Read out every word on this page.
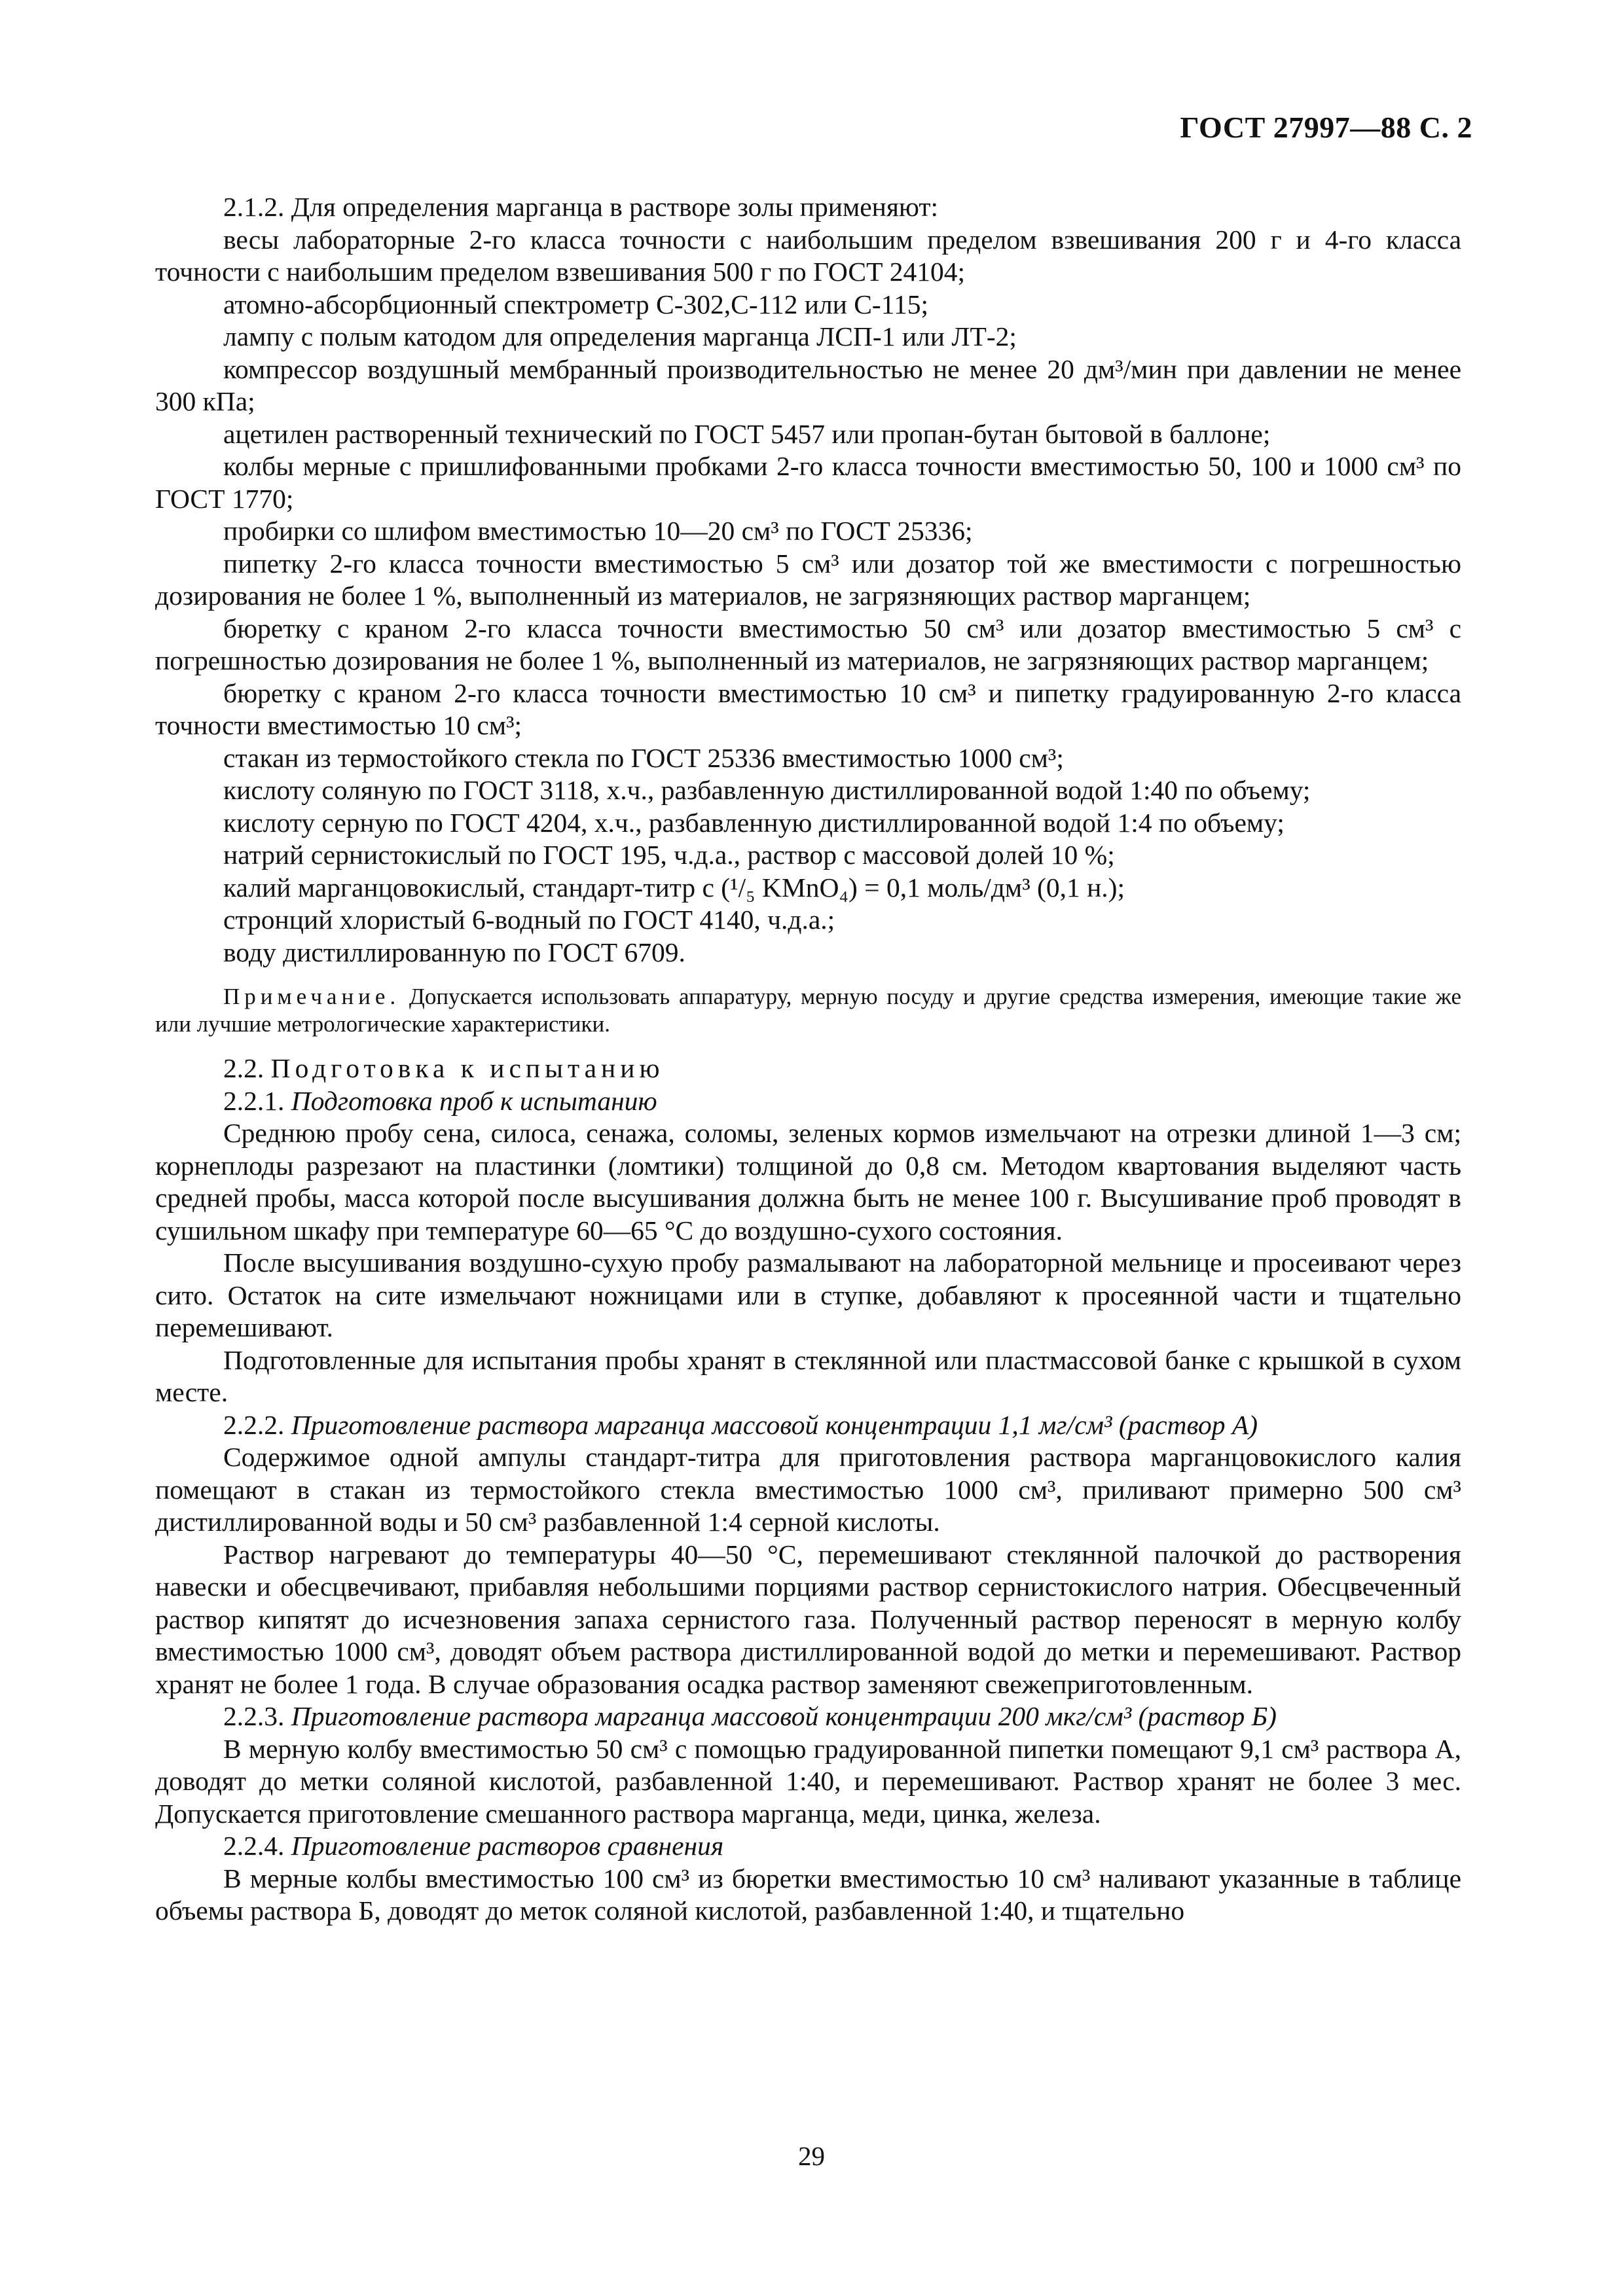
ГОСТ 27997—88 С. 2

2.1.2. Для определения марганца в растворе золы применяют:

весы лабораторные 2-го класса точности с наибольшим пределом взвешивания 200 г и 4-го класса точности с наибольшим пределом взвешивания 500 г по ГОСТ 24104;

атомно-абсорбционный спектрометр С-302,С-112 или С-115;

лампу с полым катодом для определения марганца ЛСП-1 или ЛТ-2;

компрессор воздушный мембранный производительностью не менее 20 дм³/мин при давлении не менее 300 кПа;

ацетилен растворенный технический по ГОСТ 5457 или пропан-бутан бытовой в баллоне;

колбы мерные с пришлифованными пробками 2-го класса точности вместимостью 50, 100 и 1000 см³ по ГОСТ 1770;

пробирки со шлифом вместимостью 10—20 см³ по ГОСТ 25336;

пипетку 2-го класса точности вместимостью 5 см³ или дозатор той же вместимости с погрешностью дозирования не более 1 %, выполненный из материалов, не загрязняющих раствор марганцем;

бюретку с краном 2-го класса точности вместимостью 50 см³ или дозатор вместимостью 5 см³ с погрешностью дозирования не более 1 %, выполненный из материалов, не загрязняющих раствор марганцем;

бюретку с краном 2-го класса точности вместимостью 10 см³ и пипетку градуированную 2-го класса точности вместимостью 10 см³;

стакан из термостойкого стекла по ГОСТ 25336 вместимостью 1000 см³;

кислоту соляную по ГОСТ 3118, х.ч., разбавленную дистиллированной водой 1:40 по объему;

кислоту серную по ГОСТ 4204, х.ч., разбавленную дистиллированной водой 1:4 по объему;

натрий сернистокислый по ГОСТ 195, ч.д.а., раствор с массовой долей 10 %;

калий марганцовокислый, стандарт-титр c (¹/₅ KMnO₄) = 0,1 моль/дм³ (0,1 н.);

стронций хлористый 6-водный по ГОСТ 4140, ч.д.а.;

воду дистиллированную по ГОСТ 6709.

Примечание. Допускается использовать аппаратуру, мерную посуду и другие средства измерения, имеющие такие же или лучшие метрологические характеристики.

2.2. Подготовка к испытанию

2.2.1. Подготовка проб к испытанию

Среднюю пробу сена, силоса, сенажа, соломы, зеленых кормов измельчают на отрезки длиной 1—3 см; корнеплоды разрезают на пластинки (ломтики) толщиной до 0,8 см. Методом квартования выделяют часть средней пробы, масса которой после высушивания должна быть не менее 100 г. Высушивание проб проводят в сушильном шкафу при температуре 60—65 °С до воздушно-сухого состояния.

После высушивания воздушно-сухую пробу размалывают на лабораторной мельнице и просеивают через сито. Остаток на сите измельчают ножницами или в ступке, добавляют к просеянной части и тщательно перемешивают.

Подготовленные для испытания пробы хранят в стеклянной или пластмассовой банке с крышкой в сухом месте.

2.2.2. Приготовление раствора марганца массовой концентрации 1,1 мг/см³ (раствор А)

Содержимое одной ампулы стандарт-титра для приготовления раствора марганцовокислого калия помещают в стакан из термостойкого стекла вместимостью 1000 см³, приливают примерно 500 см³ дистиллированной воды и 50 см³ разбавленной 1:4 серной кислоты.

Раствор нагревают до температуры 40—50 °С, перемешивают стеклянной палочкой до растворения навески и обесцвечивают, прибавляя небольшими порциями раствор сернистокислого натрия. Обесцвеченный раствор кипятят до исчезновения запаха сернистого газа. Полученный раствор переносят в мерную колбу вместимостью 1000 см³, доводят объем раствора дистиллированной водой до метки и перемешивают. Раствор хранят не более 1 года. В случае образования осадка раствор заменяют свежеприготовленным.

2.2.3. Приготовление раствора марганца массовой концентрации 200 мкг/см³ (раствор Б)

В мерную колбу вместимостью 50 см³ с помощью градуированной пипетки помещают 9,1 см³ раствора А, доводят до метки соляной кислотой, разбавленной 1:40, и перемешивают. Раствор хранят не более 3 мес. Допускается приготовление смешанного раствора марганца, меди, цинка, железа.

2.2.4. Приготовление растворов сравнения

В мерные колбы вместимостью 100 см³ из бюретки вместимостью 10 см³ наливают указанные в таблице объемы раствора Б, доводят до меток соляной кислотой, разбавленной 1:40, и тщательно

29
